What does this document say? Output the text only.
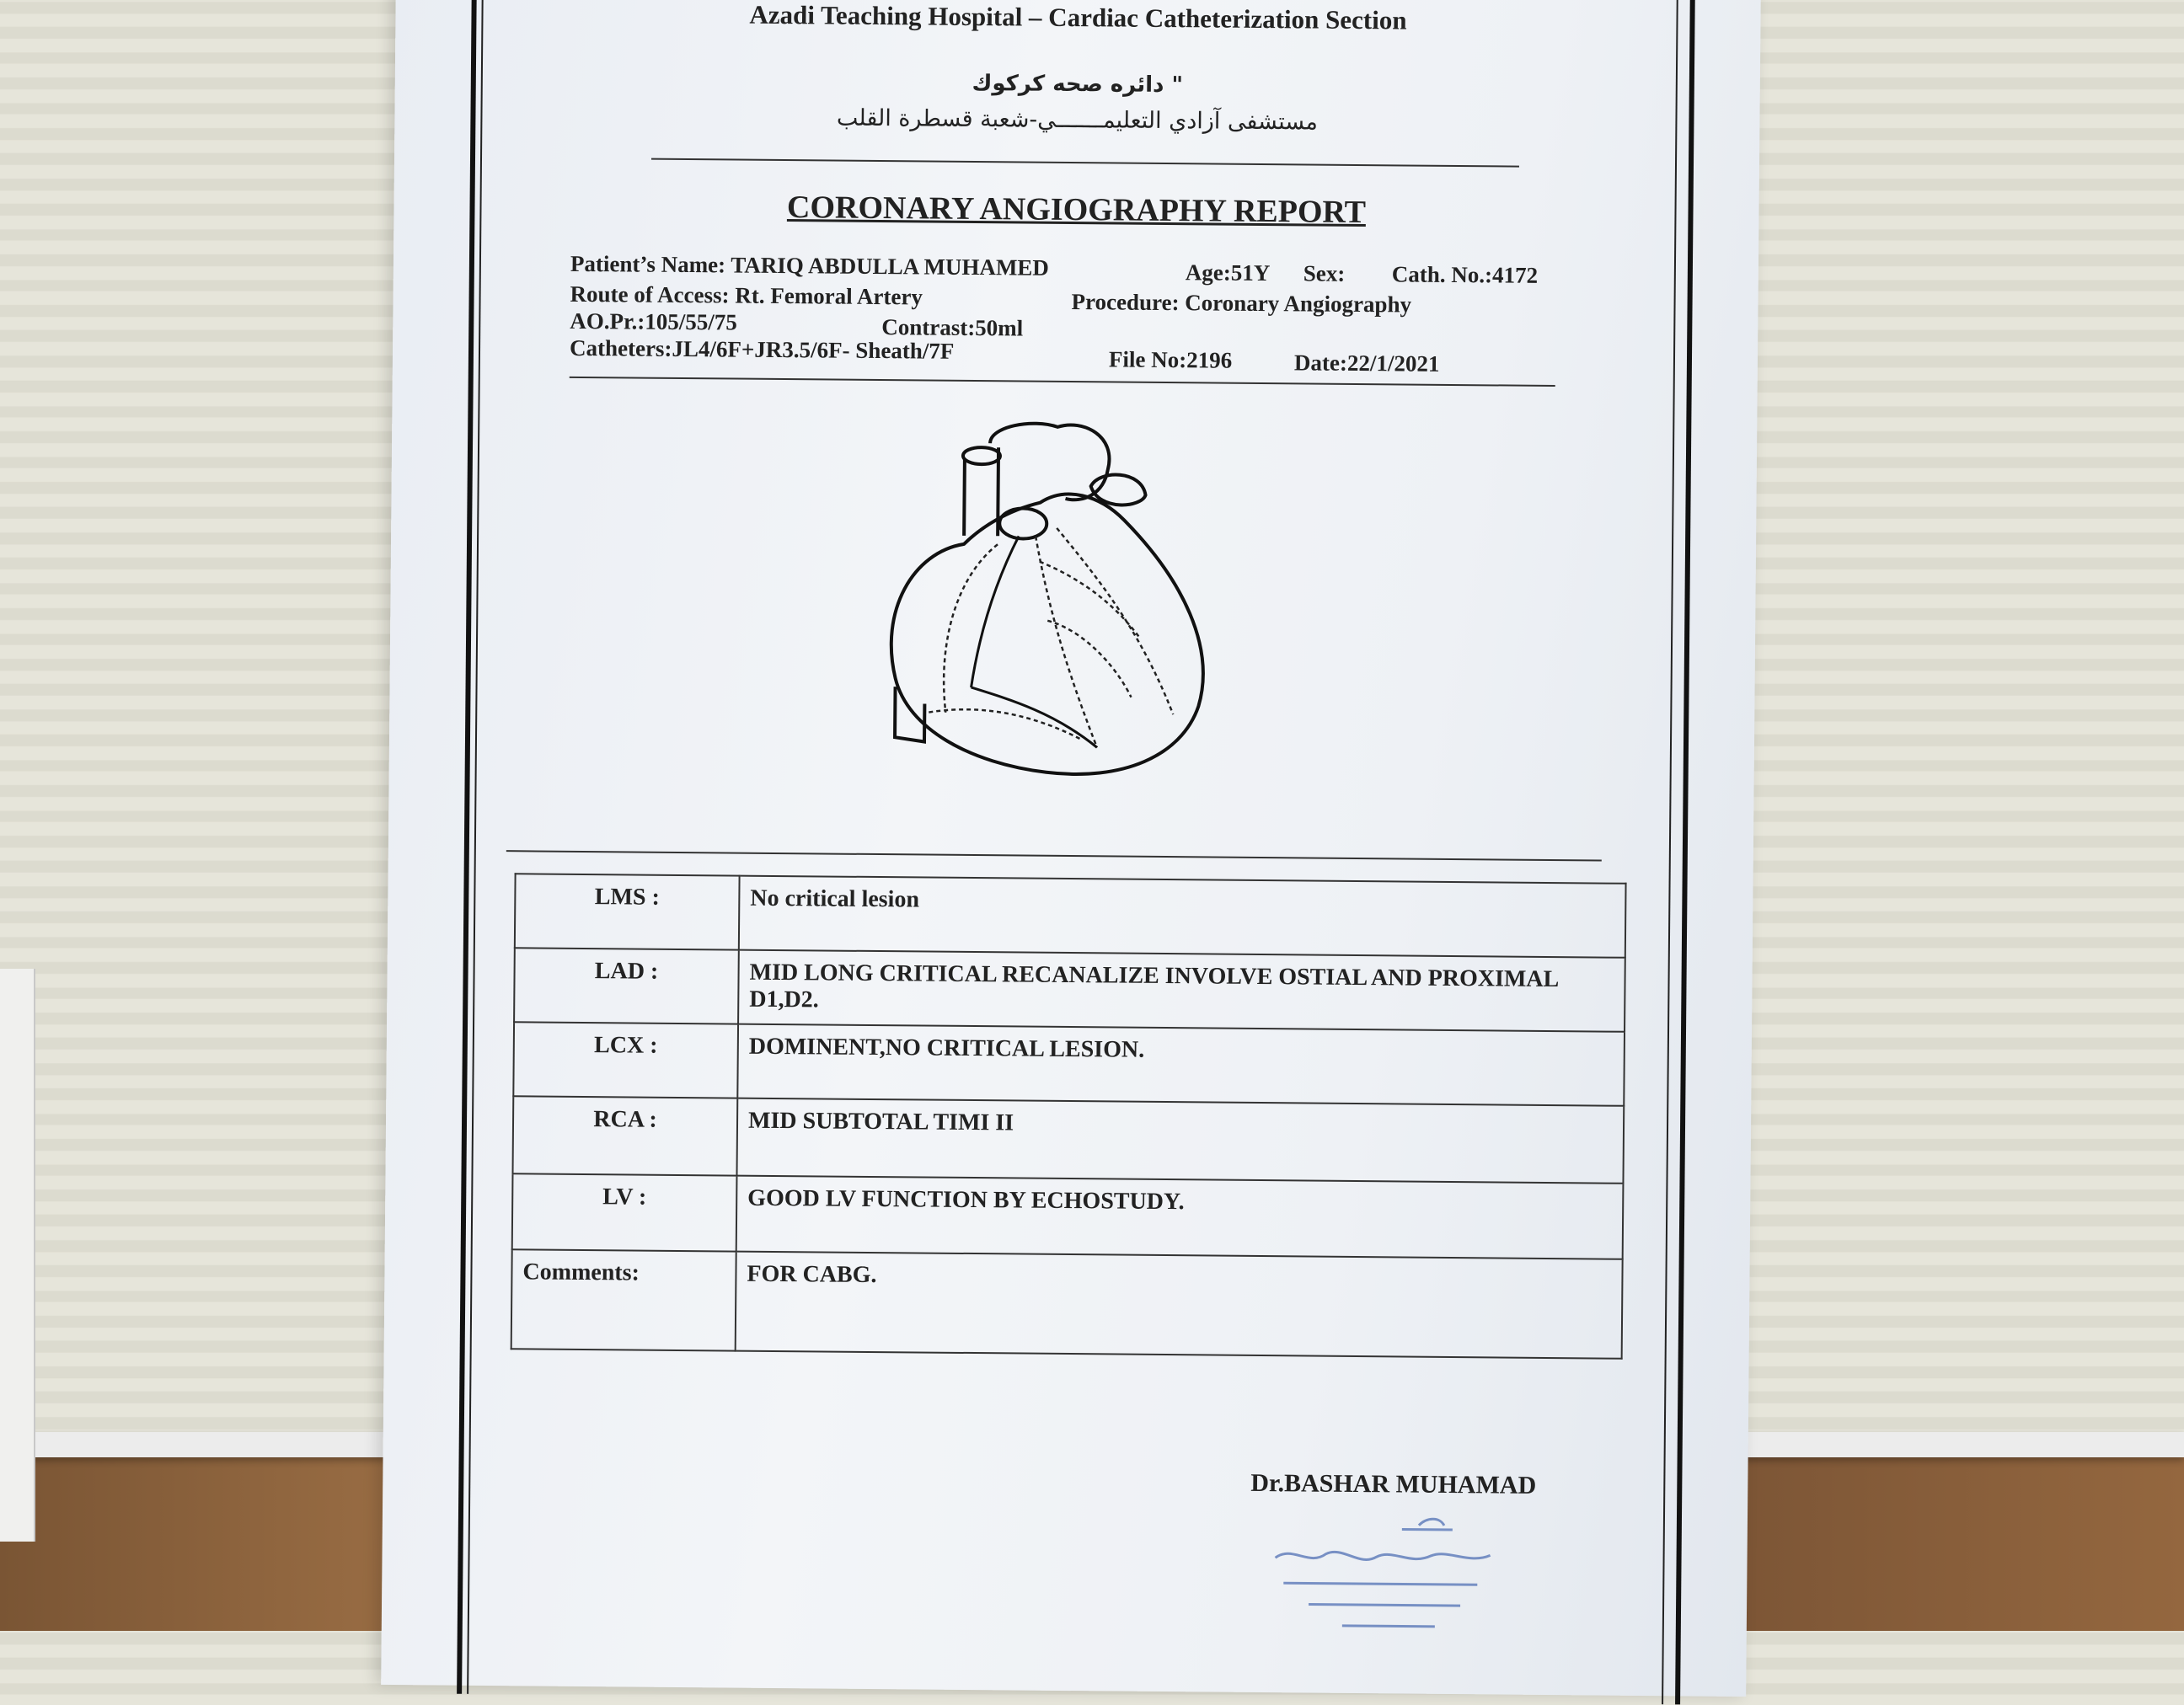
Azadi Teaching Hospital – Cardiac Catheterization Section
" دائره صحه كركوك
مستشفى آزادي التعليمـــــــي-شعبة قسطرة القلب
CORONARY ANGIOGRAPHY REPORT
Patient’s Name: TARIQ ABDULLA MUHAMED	Age:51Y Sex: Cath. No.:4172
Route of Access: Rt. Femoral Artery	Procedure: Coronary Angiography
AO.Pr.:105/55/75	Contrast:50ml
Catheters:JL4/6F+JR3.5/6F- Sheath/7F	File No:2196	Date:22/1/2021
LMS :	No critical lesion
LAD :	MID LONG CRITICAL RECANALIZE INVOLVE OSTIAL AND PROXIMAL D1,D2.
LCX :	DOMINENT,NO CRITICAL LESION.
RCA :	MID SUBTOTAL TIMI II
LV :	GOOD LV FUNCTION BY ECHOSTUDY.
Comments:	FOR CABG.
Dr.BASHAR MUHAMAD
